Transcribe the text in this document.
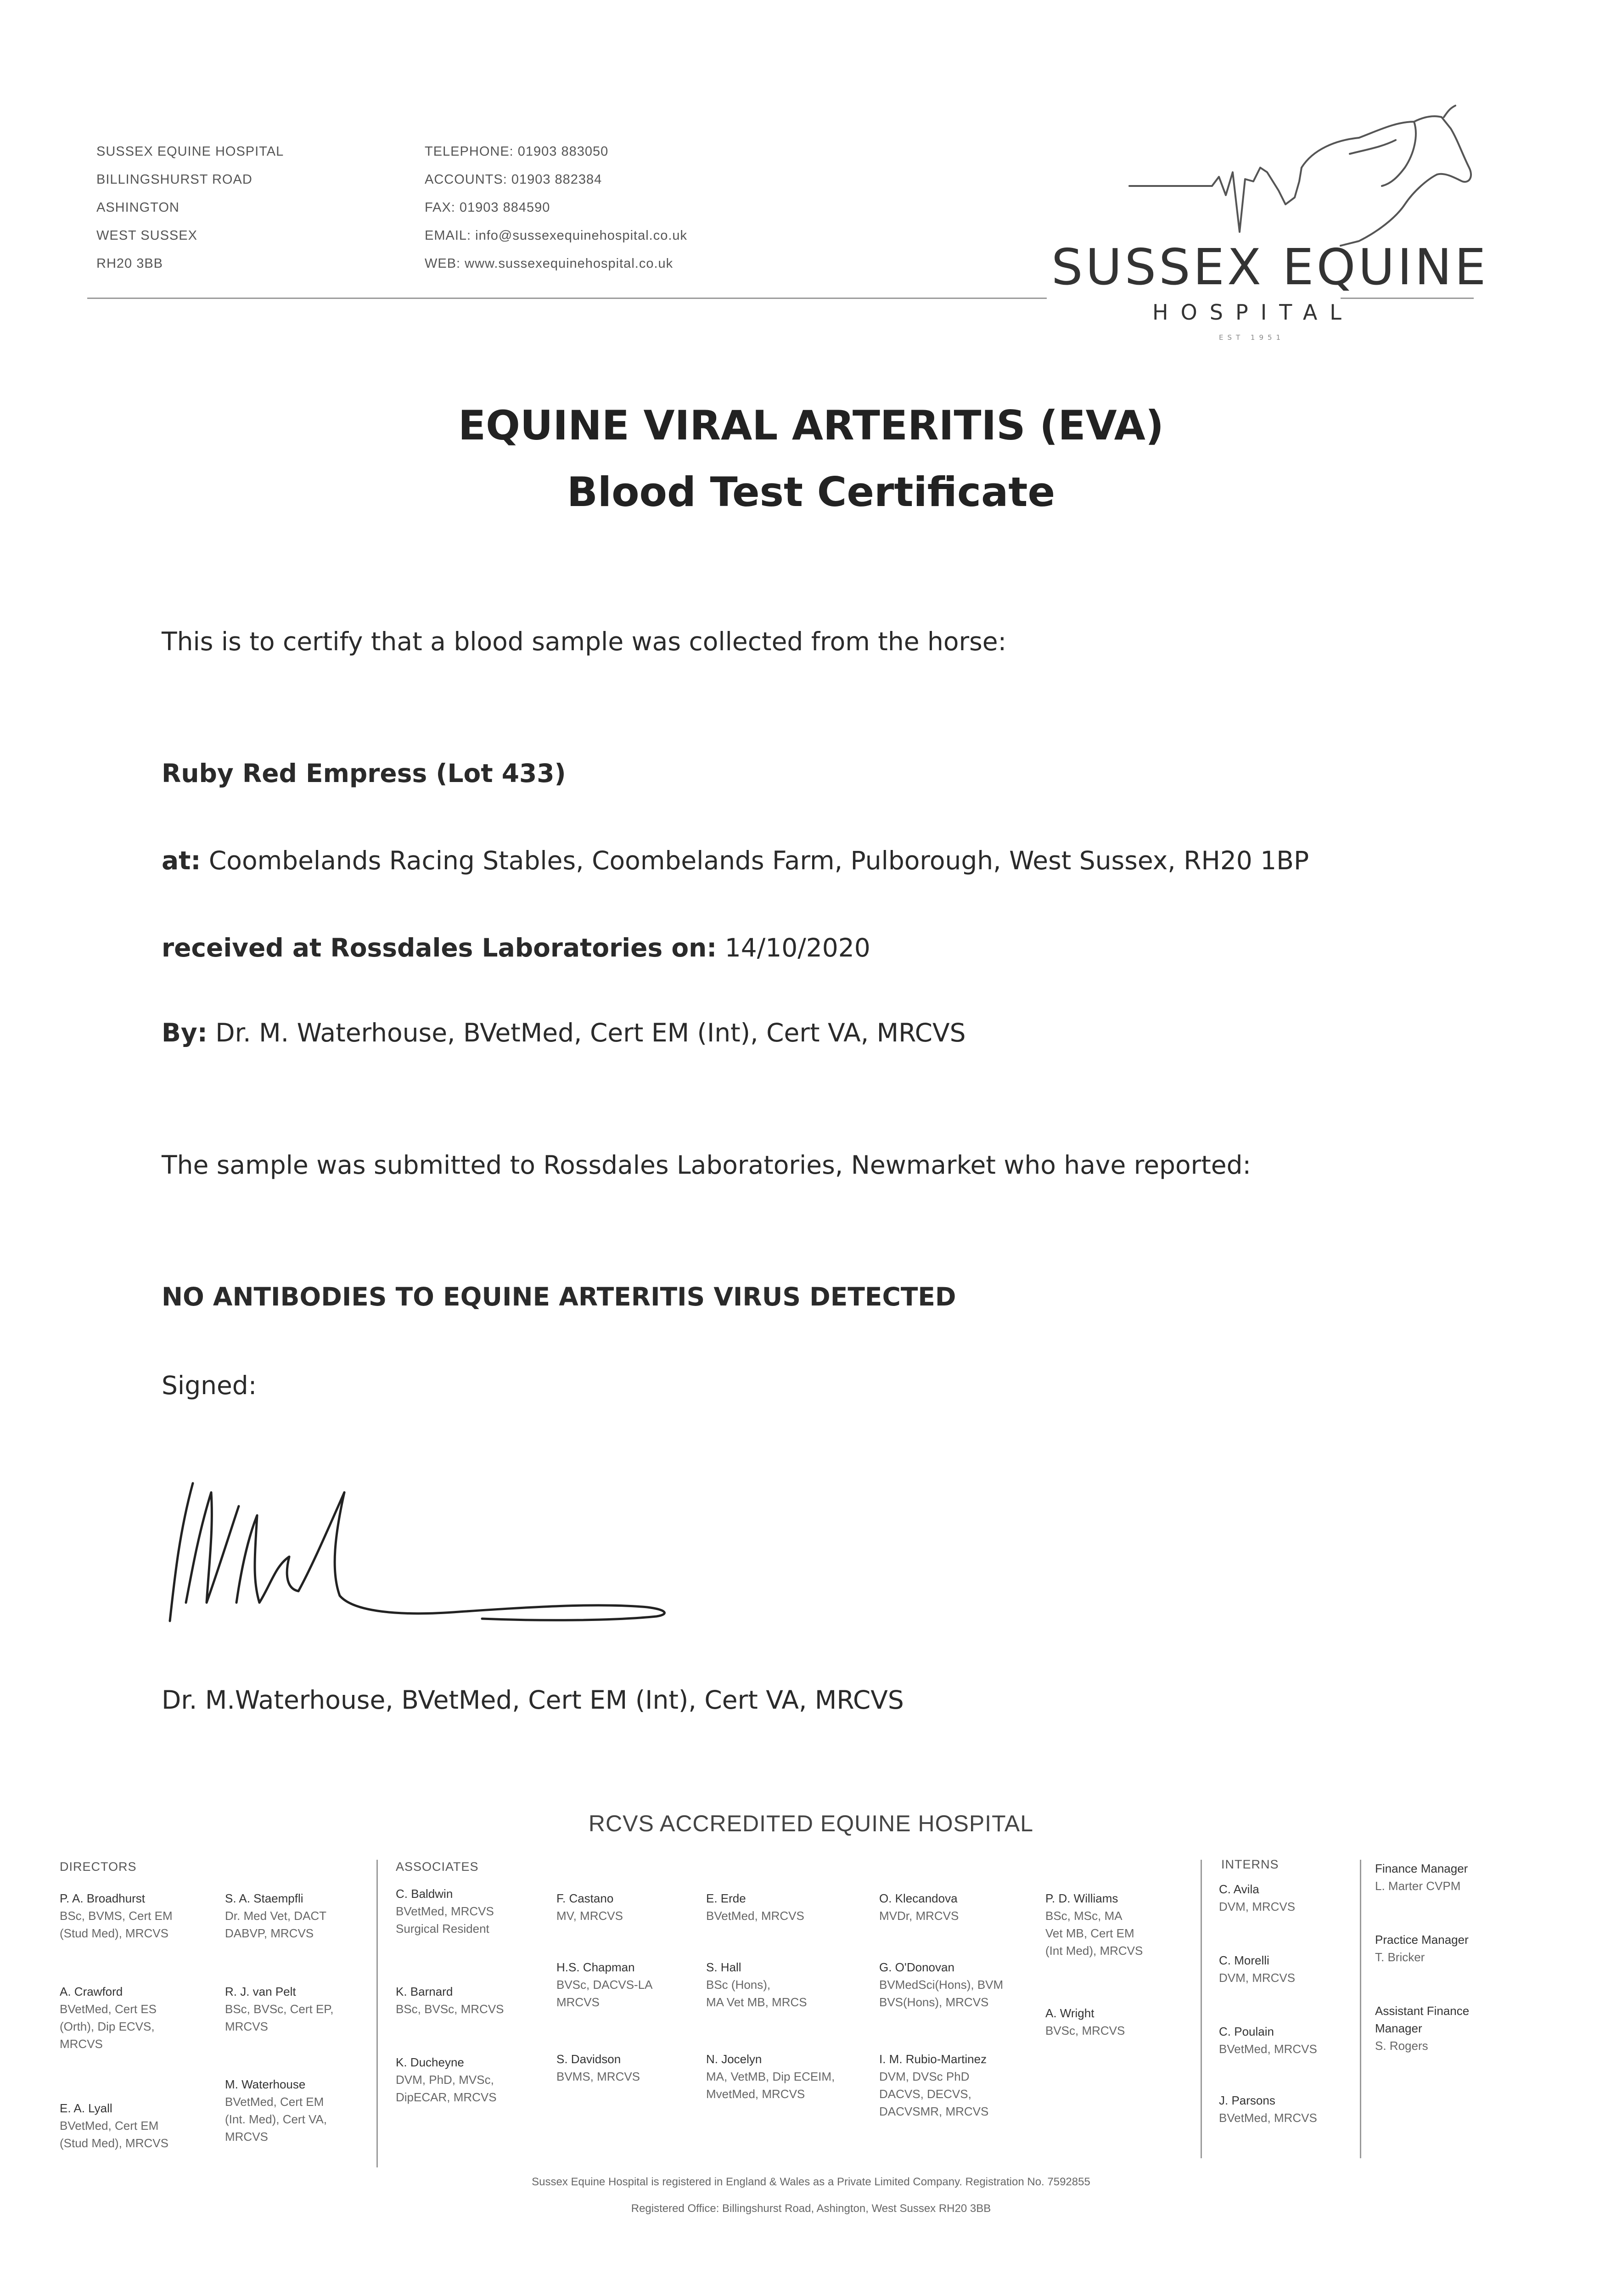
SUSSEX EQUINE HOSPITAL
BILLINGSHURST ROAD
ASHINGTON
WEST SUSSEX
RH20 3BB
TELEPHONE: 01903 883050
ACCOUNTS: 01903 882384
FAX: 01903 884590
EMAIL: info@sussexequinehospital.co.uk
WEB: www.sussexequinehospital.co.uk	SUSSEX EQUINE
HOSPITAL
EST 1951
EQUINE VIRAL ARTERITIS (EVA)
Blood Test Certificate
This is to certify that a blood sample was collected from the horse:
Ruby Red Empress (Lot 433)
at: Coombelands Racing Stables, Coombelands Farm, Pulborough, West Sussex, RH20 1BP
received at Rossdales Laboratories on: 14/10/2020
By: Dr. M. Waterhouse, BVetMed, Cert EM (Int), Cert VA, MRCVS
The sample was submitted to Rossdales Laboratories, Newmarket who have reported:
NO ANTIBODIES TO EQUINE ARTERITIS VIRUS DETECTED
Signed:
Dr. M.Waterhouse, BVetMed, Cert EM (Int), Cert VA, MRCVS
RCVS ACCREDITED EQUINE HOSPITAL
DIRECTORS
P. A. Broadhurst
BSc, BVMS, Cert EM
(Stud Med), MRCVS
A. Crawford
BVetMed, Cert ES
(Orth), Dip ECVS,
MRCVS
E. A. Lyall
BVetMed, Cert EM
(Stud Med), MRCVS
S. A. Staempfli
Dr. Med Vet, DACT
DABVP, MRCVS
R. J. van Pelt
BSc, BVSc, Cert EP,
MRCVS
M. Waterhouse
BVetMed, Cert EM
(Int. Med), Cert VA,
MRCVS
ASSOCIATES
C. Baldwin
BVetMed, MRCVS
Surgical Resident
K. Barnard
BSc, BVSc, MRCVS
K. Ducheyne
DVM, PhD, MVSc,
DipECAR, MRCVS
F. Castano
MV, MRCVS
H.S. Chapman
BVSc, DACVS-LA
MRCVS
S. Davidson
BVMS, MRCVS
E. Erde
BVetMed, MRCVS
S. Hall
BSc (Hons),
MA Vet MB, MRCS
N. Jocelyn
MA, VetMB, Dip ECEIM,
MvetMed, MRCVS
O. Klecandova
MVDr, MRCVS
G. O'Donovan
BVMedSci(Hons), BVM
BVS(Hons), MRCVS
I. M. Rubio-Martinez
DVM, DVSc PhD
DACVS, DECVS,
DACVSMR, MRCVS
P. D. Williams
BSc, MSc, MA
Vet MB, Cert EM
(Int Med), MRCVS
A. Wright
BVSc, MRCVS
INTERNS
C. Avila
DVM, MRCVS
C. Morelli
DVM, MRCVS
C. Poulain
BVetMed, MRCVS
J. Parsons
BVetMed, MRCVS
Finance Manager
L. Marter CVPM
Practice Manager
T. Bricker
Assistant Finance
Manager
S. Rogers
Sussex Equine Hospital is registered in England & Wales as a Private Limited Company. Registration No. 7592855
Registered Office: Billingshurst Road, Ashington, West Sussex RH20 3BB
